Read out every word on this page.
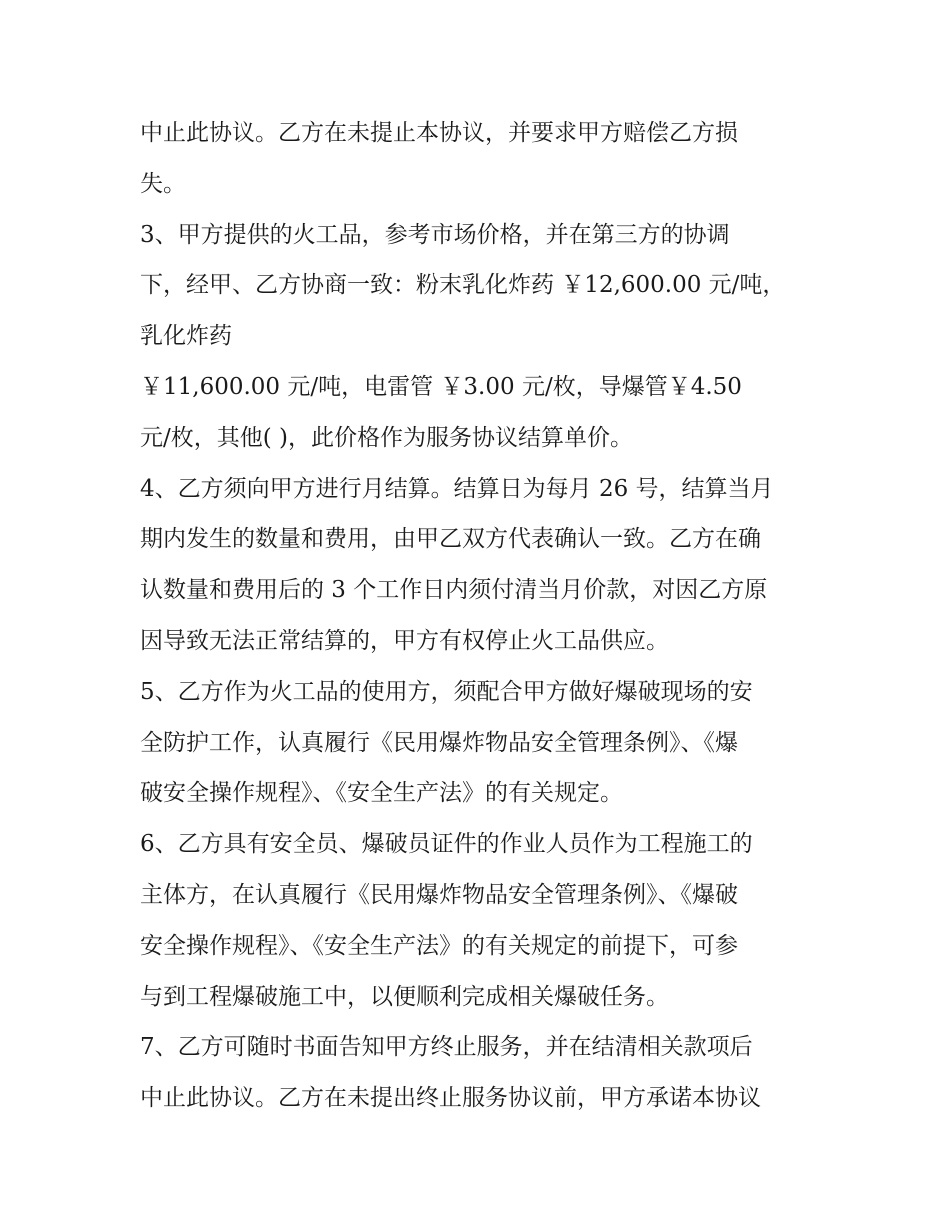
中止此协议。乙方在未提止本协议，并要求甲方赔偿乙方损
失。
3、甲方提供的火工品，参考市场价格，并在第三方的协调
下，经甲、乙方协商一致：粉末乳化炸药 ￥12,600.00 元/吨，
乳化炸药
￥11,600.00 元/吨，电雷管 ￥3.00 元/枚，导爆管￥4.50
元/枚，其他( )，此价格作为服务协议结算单价。
4、乙方须向甲方进行月结算。结算日为每月 26 号，结算当月
期内发生的数量和费用，由甲乙双方代表确认一致。乙方在确
认数量和费用后的 3 个工作日内须付清当月价款，对因乙方原
因导致无法正常结算的，甲方有权停止火工品供应。
5、乙方作为火工品的使用方，须配合甲方做好爆破现场的安
全防护工作，认真履行《民用爆炸物品安全管理条例》、《爆
破安全操作规程》、《安全生产法》的有关规定。
6、乙方具有安全员、爆破员证件的作业人员作为工程施工的
主体方，在认真履行《民用爆炸物品安全管理条例》、《爆破
安全操作规程》、《安全生产法》的有关规定的前提下，可参
与到工程爆破施工中，以便顺利完成相关爆破任务。
7、乙方可随时书面告知甲方终止服务，并在结清相关款项后
中止此协议。乙方在未提出终止服务协议前，甲方承诺本协议
